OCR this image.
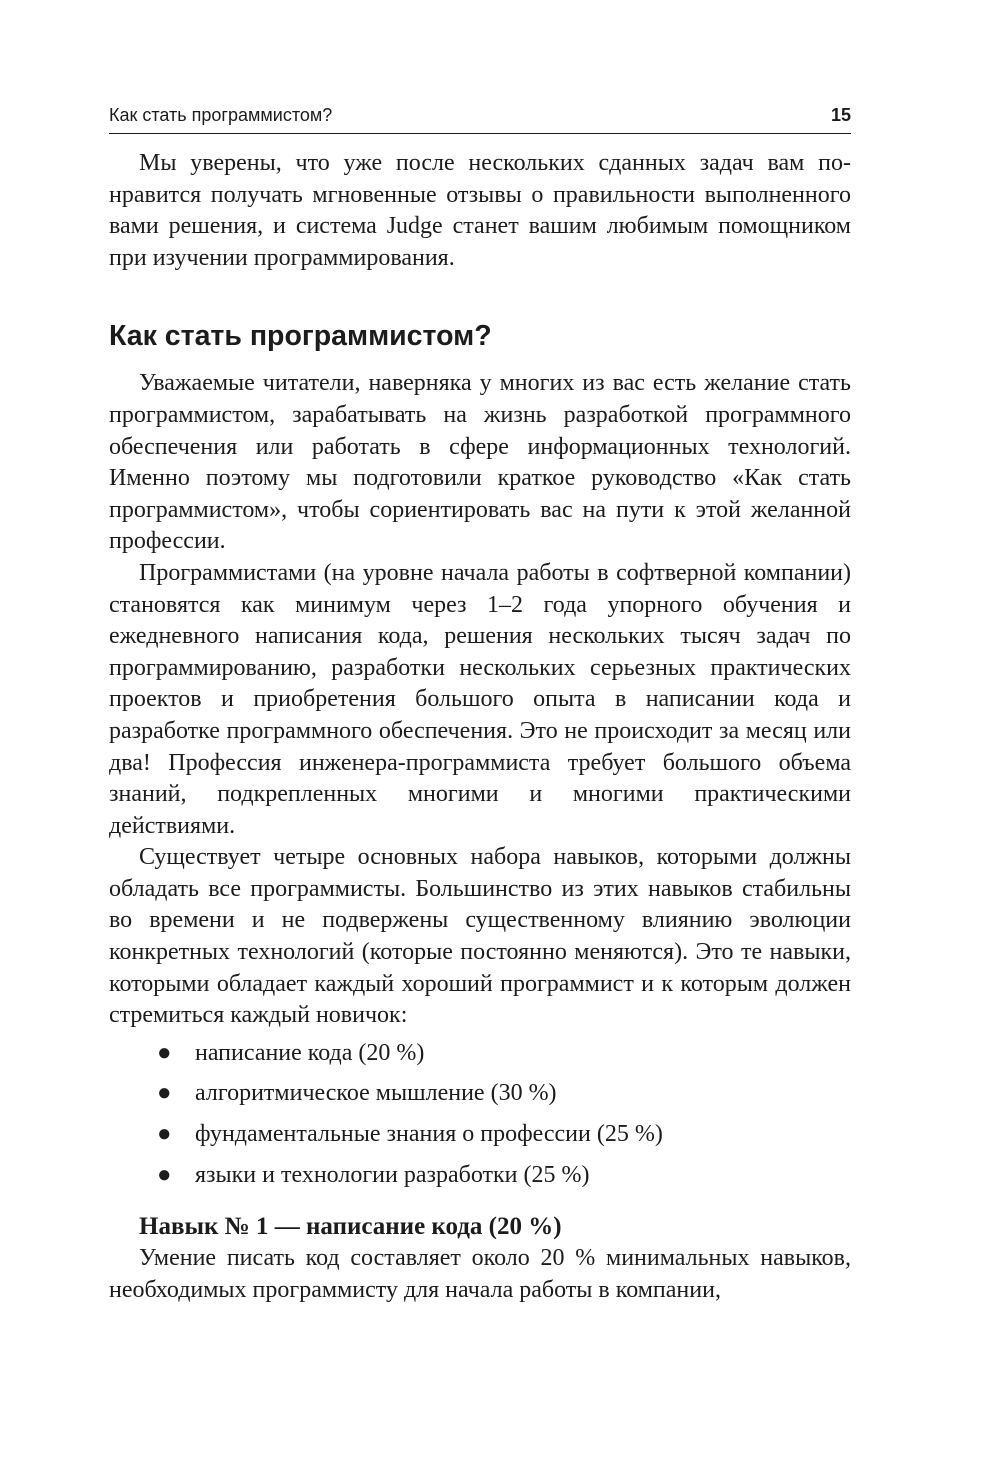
Как стать программистом?	15

Мы уверены, что уже после нескольких сданных задач вам понравится получать мгновенные отзывы о правильности выполненного вами решения, и система Judge станет вашим любимым помощником при изучении программирования.

Как стать программистом?

Уважаемые читатели, наверняка у многих из вас есть желание стать программистом, зарабатывать на жизнь разработкой программного обеспечения или работать в сфере информационных технологий. Именно поэтому мы подготовили краткое руководство «Как стать программистом», чтобы сориентировать вас на пути к этой желанной профессии.

Программистами (на уровне начала работы в софтверной компании) становятся как минимум через 1–2 года упорного обучения и ежедневного написания кода, решения нескольких тысяч задач по программированию, разработки нескольких серьезных практических проектов и приобретения большого опыта в написании кода и разработке программного обеспечения. Это не происходит за месяц или два! Профессия инженера-программиста требует большого объема знаний, подкрепленных многими и многими практическими действиями.

Существует четыре основных набора навыков, которыми должны обладать все программисты. Большинство из этих навыков стабильны во времени и не подвержены существенному влиянию эволюции конкретных технологий (которые постоянно меняются). Это те навыки, которыми обладает каждый хороший программист и к которым должен стремиться каждый новичок:

● написание кода (20 %)
● алгоритмическое мышление (30 %)
● фундаментальные знания о профессии (25 %)
● языки и технологии разработки (25 %)
Навык № 1 — написание кода (20 %)

Умение писать код составляет около 20 % минимальных навыков, необходимых программисту для начала работы в компании,
